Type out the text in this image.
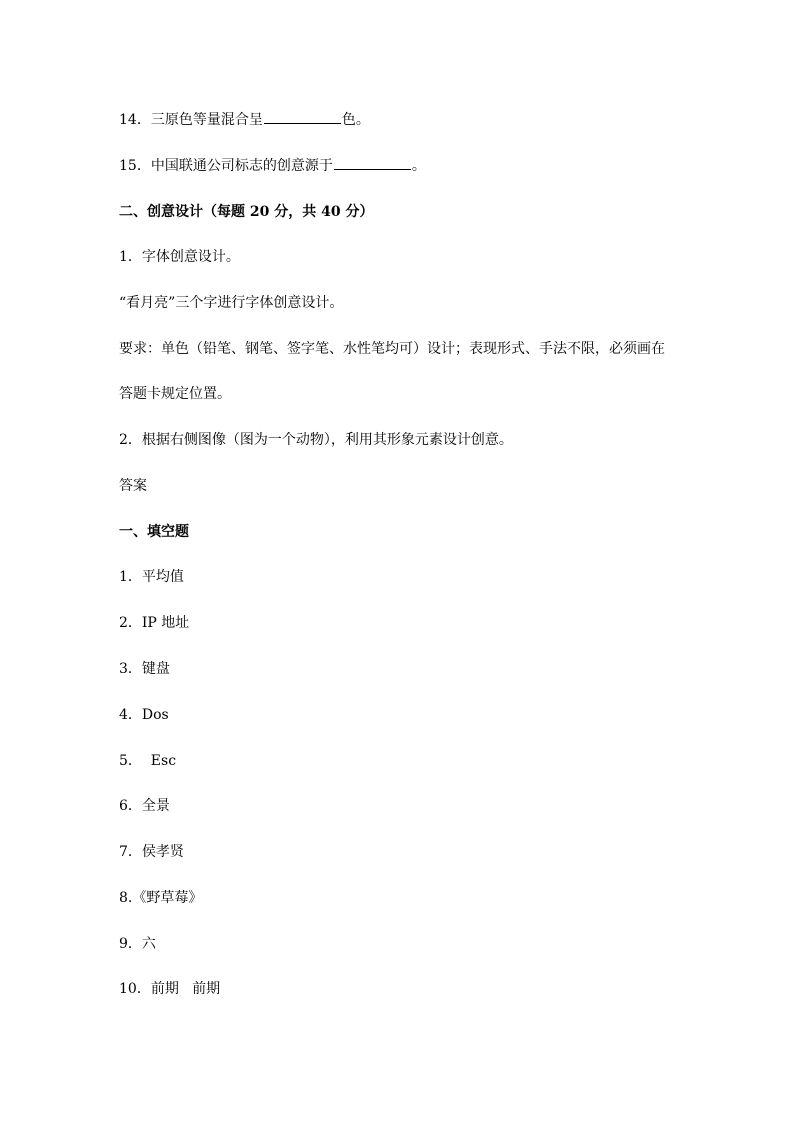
14．三原色等量混合呈	色。
15．中国联通公司标志的创意源于	。
二、创意设计（每题 20 分，共 40 分）
1．字体创意设计。
“看月亮”三个字进行字体创意设计。
要求：单色（铅笔、钢笔、签字笔、水性笔均可）设计；表现形式、手法不限，必须画在
答题卡规定位置。
2．根据右侧图像（图为一个动物），利用其形象元素设计创意。
答案
一、填空题
1．平均值
2．IP 地址
3．键盘
4．Dos
5．  Esc
6．全景
7．侯孝贤
8.《野草莓》
9．六
10．前期   前期
